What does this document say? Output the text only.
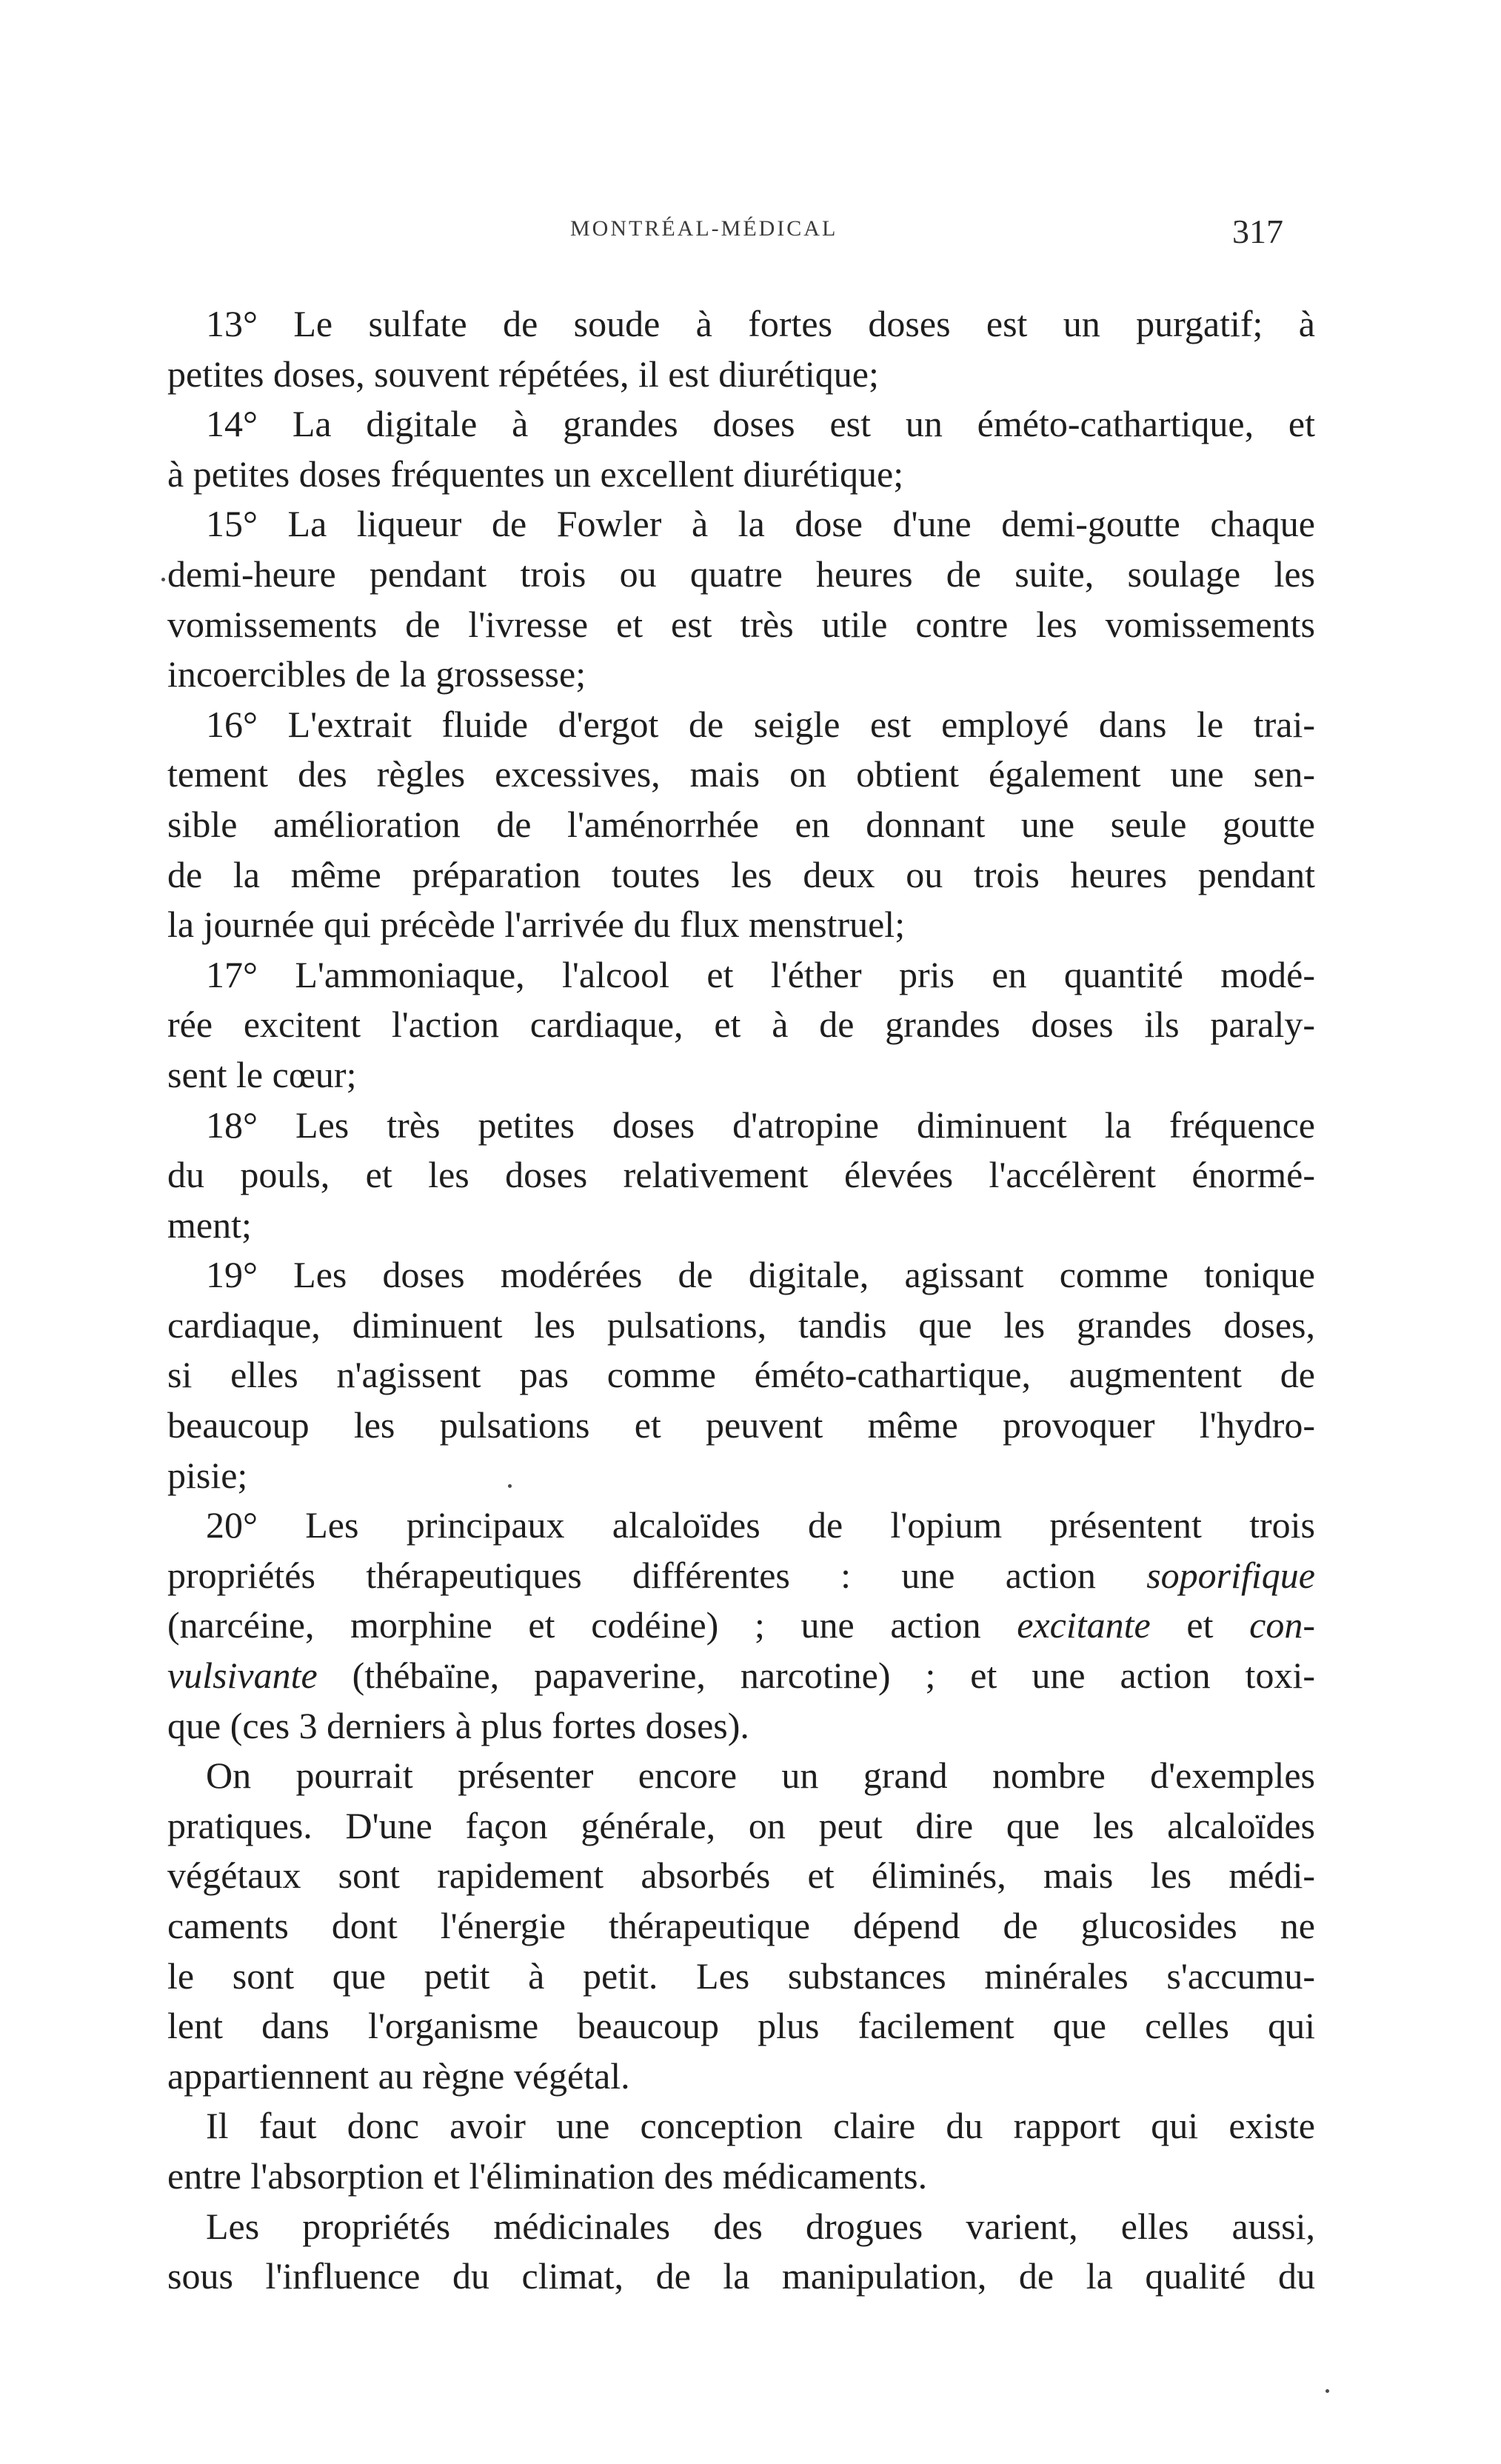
MONTRÉAL-MÉDICAL	317
13° Le sulfate de soude à fortes doses est un purgatif; à
petites doses, souvent répétées, il est diurétique;
14° La digitale à grandes doses est un éméto-cathartique, et
à petites doses fréquentes un excellent diurétique;
15° La liqueur de Fowler à la dose d'une demi-goutte chaque
demi-heure pendant trois ou quatre heures de suite, soulage les
vomissements de l'ivresse et est très utile contre les vomissements
incoercibles de la grossesse;
16° L'extrait fluide d'ergot de seigle est employé dans le trai-
tement des règles excessives, mais on obtient également une sen-
sible amélioration de l'aménorrhée en donnant une seule goutte
de la même préparation toutes les deux ou trois heures pendant
la journée qui précède l'arrivée du flux menstruel;
17° L'ammoniaque, l'alcool et l'éther pris en quantité modé-
rée excitent l'action cardiaque, et à de grandes doses ils paraly-
sent le cœur;
18° Les très petites doses d'atropine diminuent la fréquence
du pouls, et les doses relativement élevées l'accélèrent énormé-
ment;
19° Les doses modérées de digitale, agissant comme tonique
cardiaque, diminuent les pulsations, tandis que les grandes doses,
si elles n'agissent pas comme éméto-cathartique, augmentent de
beaucoup les pulsations et peuvent même provoquer l'hydro-
pisie;
20° Les principaux alcaloïdes de l'opium présentent trois
propriétés thérapeutiques différentes : une action soporifique
(narcéine, morphine et codéine) ; une action excitante et con-
vulsivante (thébaïne, papaverine, narcotine) ; et une action toxi-
que (ces 3 derniers à plus fortes doses).
On pourrait présenter encore un grand nombre d'exemples
pratiques. D'une façon générale, on peut dire que les alcaloïdes
végétaux sont rapidement absorbés et éliminés, mais les médi-
caments dont l'énergie thérapeutique dépend de glucosides ne
le sont que petit à petit. Les substances minérales s'accumu-
lent dans l'organisme beaucoup plus facilement que celles qui
appartiennent au règne végétal.
Il faut donc avoir une conception claire du rapport qui existe
entre l'absorption et l'élimination des médicaments.
Les propriétés médicinales des drogues varient, elles aussi,
sous l'influence du climat, de la manipulation, de la qualité du
